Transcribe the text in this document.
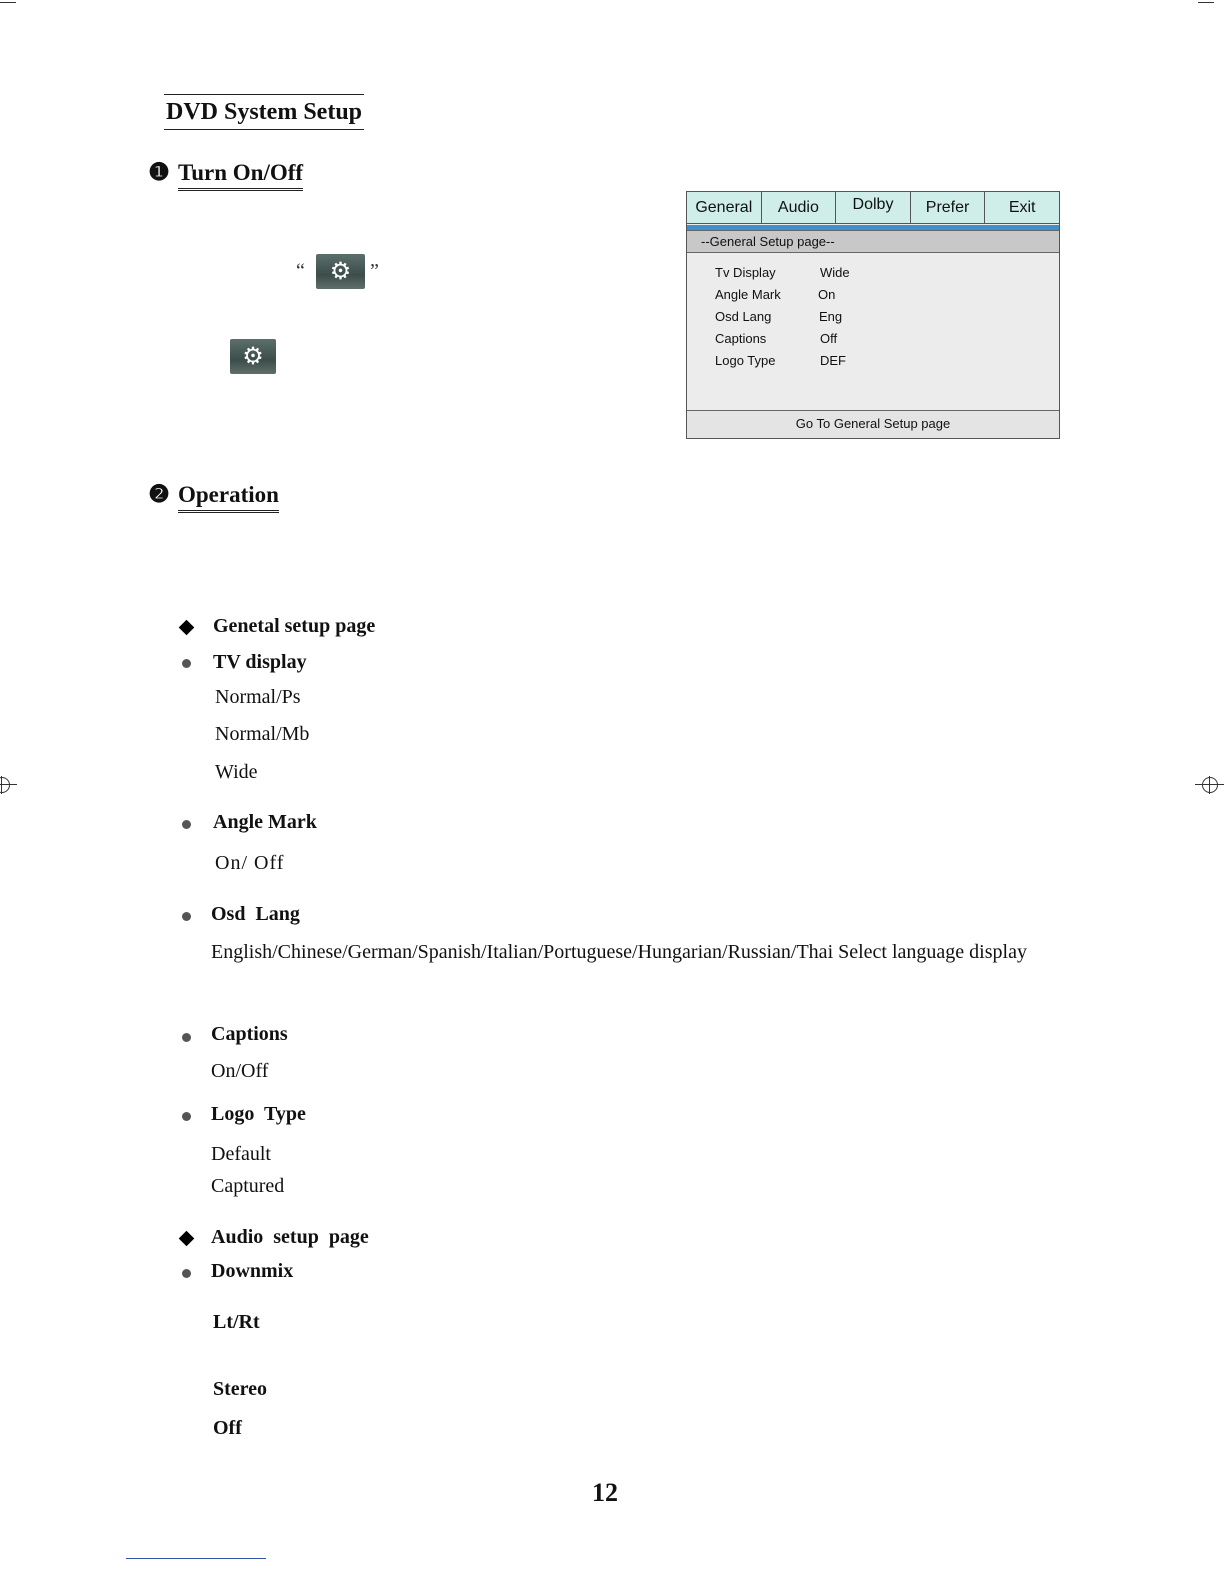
DVD System Setup
❶ Turn On/Off
“	⚙ ”
⚙
General	Audio	Dolby	Prefer	Exit
--General Setup page--
Tv Display	Wide
Angle Mark	On
Osd Lang	Eng
Captions	Off
Logo Type	DEF
Go To General Setup page
❷ Operation
Genetal setup page
TV display
Normal/Ps
Normal/Mb
Wide
Angle Mark
On/ Off
Osd  Lang
English/Chinese/German/Spanish/Italian/Portuguese/Hungarian/Russian/Thai Select language display
Captions
On/Off
Logo  Type
Default
Captured
Audio  setup  page
Downmix
Lt/Rt
Stereo
Off
12
